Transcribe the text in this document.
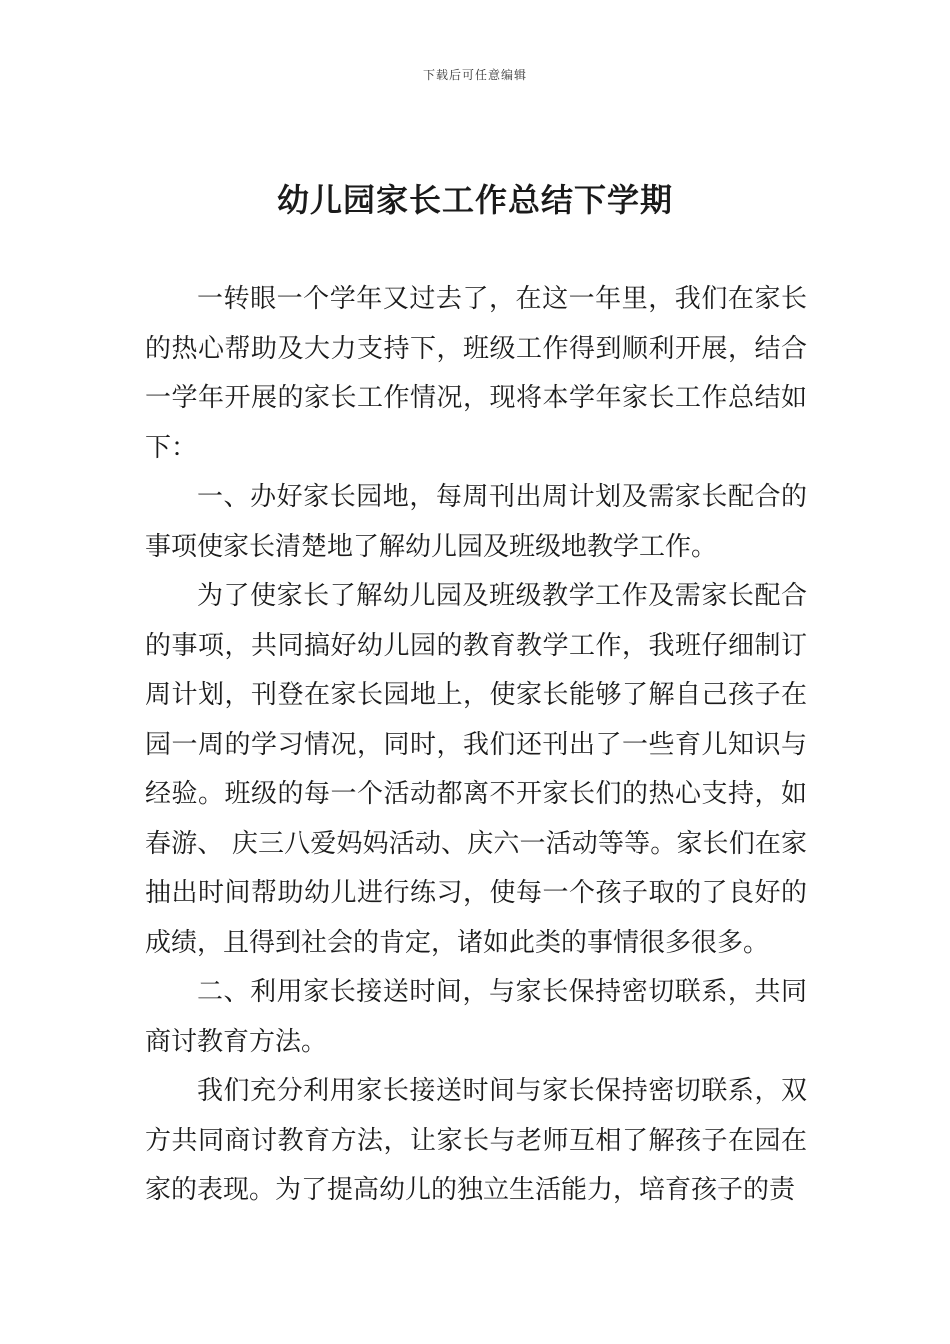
下载后可任意编辑
幼儿园家长工作总结下学期

一转眼一个学年又过去了，在这一年里，我们在家长的热心帮助及大力支持下，班级工作得到顺利开展，结合一学年开展的家长工作情况，现将本学年家长工作总结如下：

一、办好家长园地，每周刊出周计划及需家长配合的事项使家长清楚地了解幼儿园及班级地教学工作。

为了使家长了解幼儿园及班级教学工作及需家长配合的事项，共同搞好幼儿园的教育教学工作，我班仔细制订周计划，刊登在家长园地上，使家长能够了解自己孩子在园一周的学习情况，同时，我们还刊出了一些育儿知识与经验。班级的每一个活动都离不开家长们的热心支持，如春游、 庆三八爱妈妈活动、庆六一活动等等。家长们在家抽出时间帮助幼儿进行练习，使每一个孩子取的了良好的成绩，且得到社会的肯定，诸如此类的事情很多很多。

二、利用家长接送时间，与家长保持密切联系，共同商讨教育方法。

我们充分利用家长接送时间与家长保持密切联系，双方共同商讨教育方法，让家长与老师互相了解孩子在园在家的表现。为了提高幼儿的独立生活能力，培育孩子的责
